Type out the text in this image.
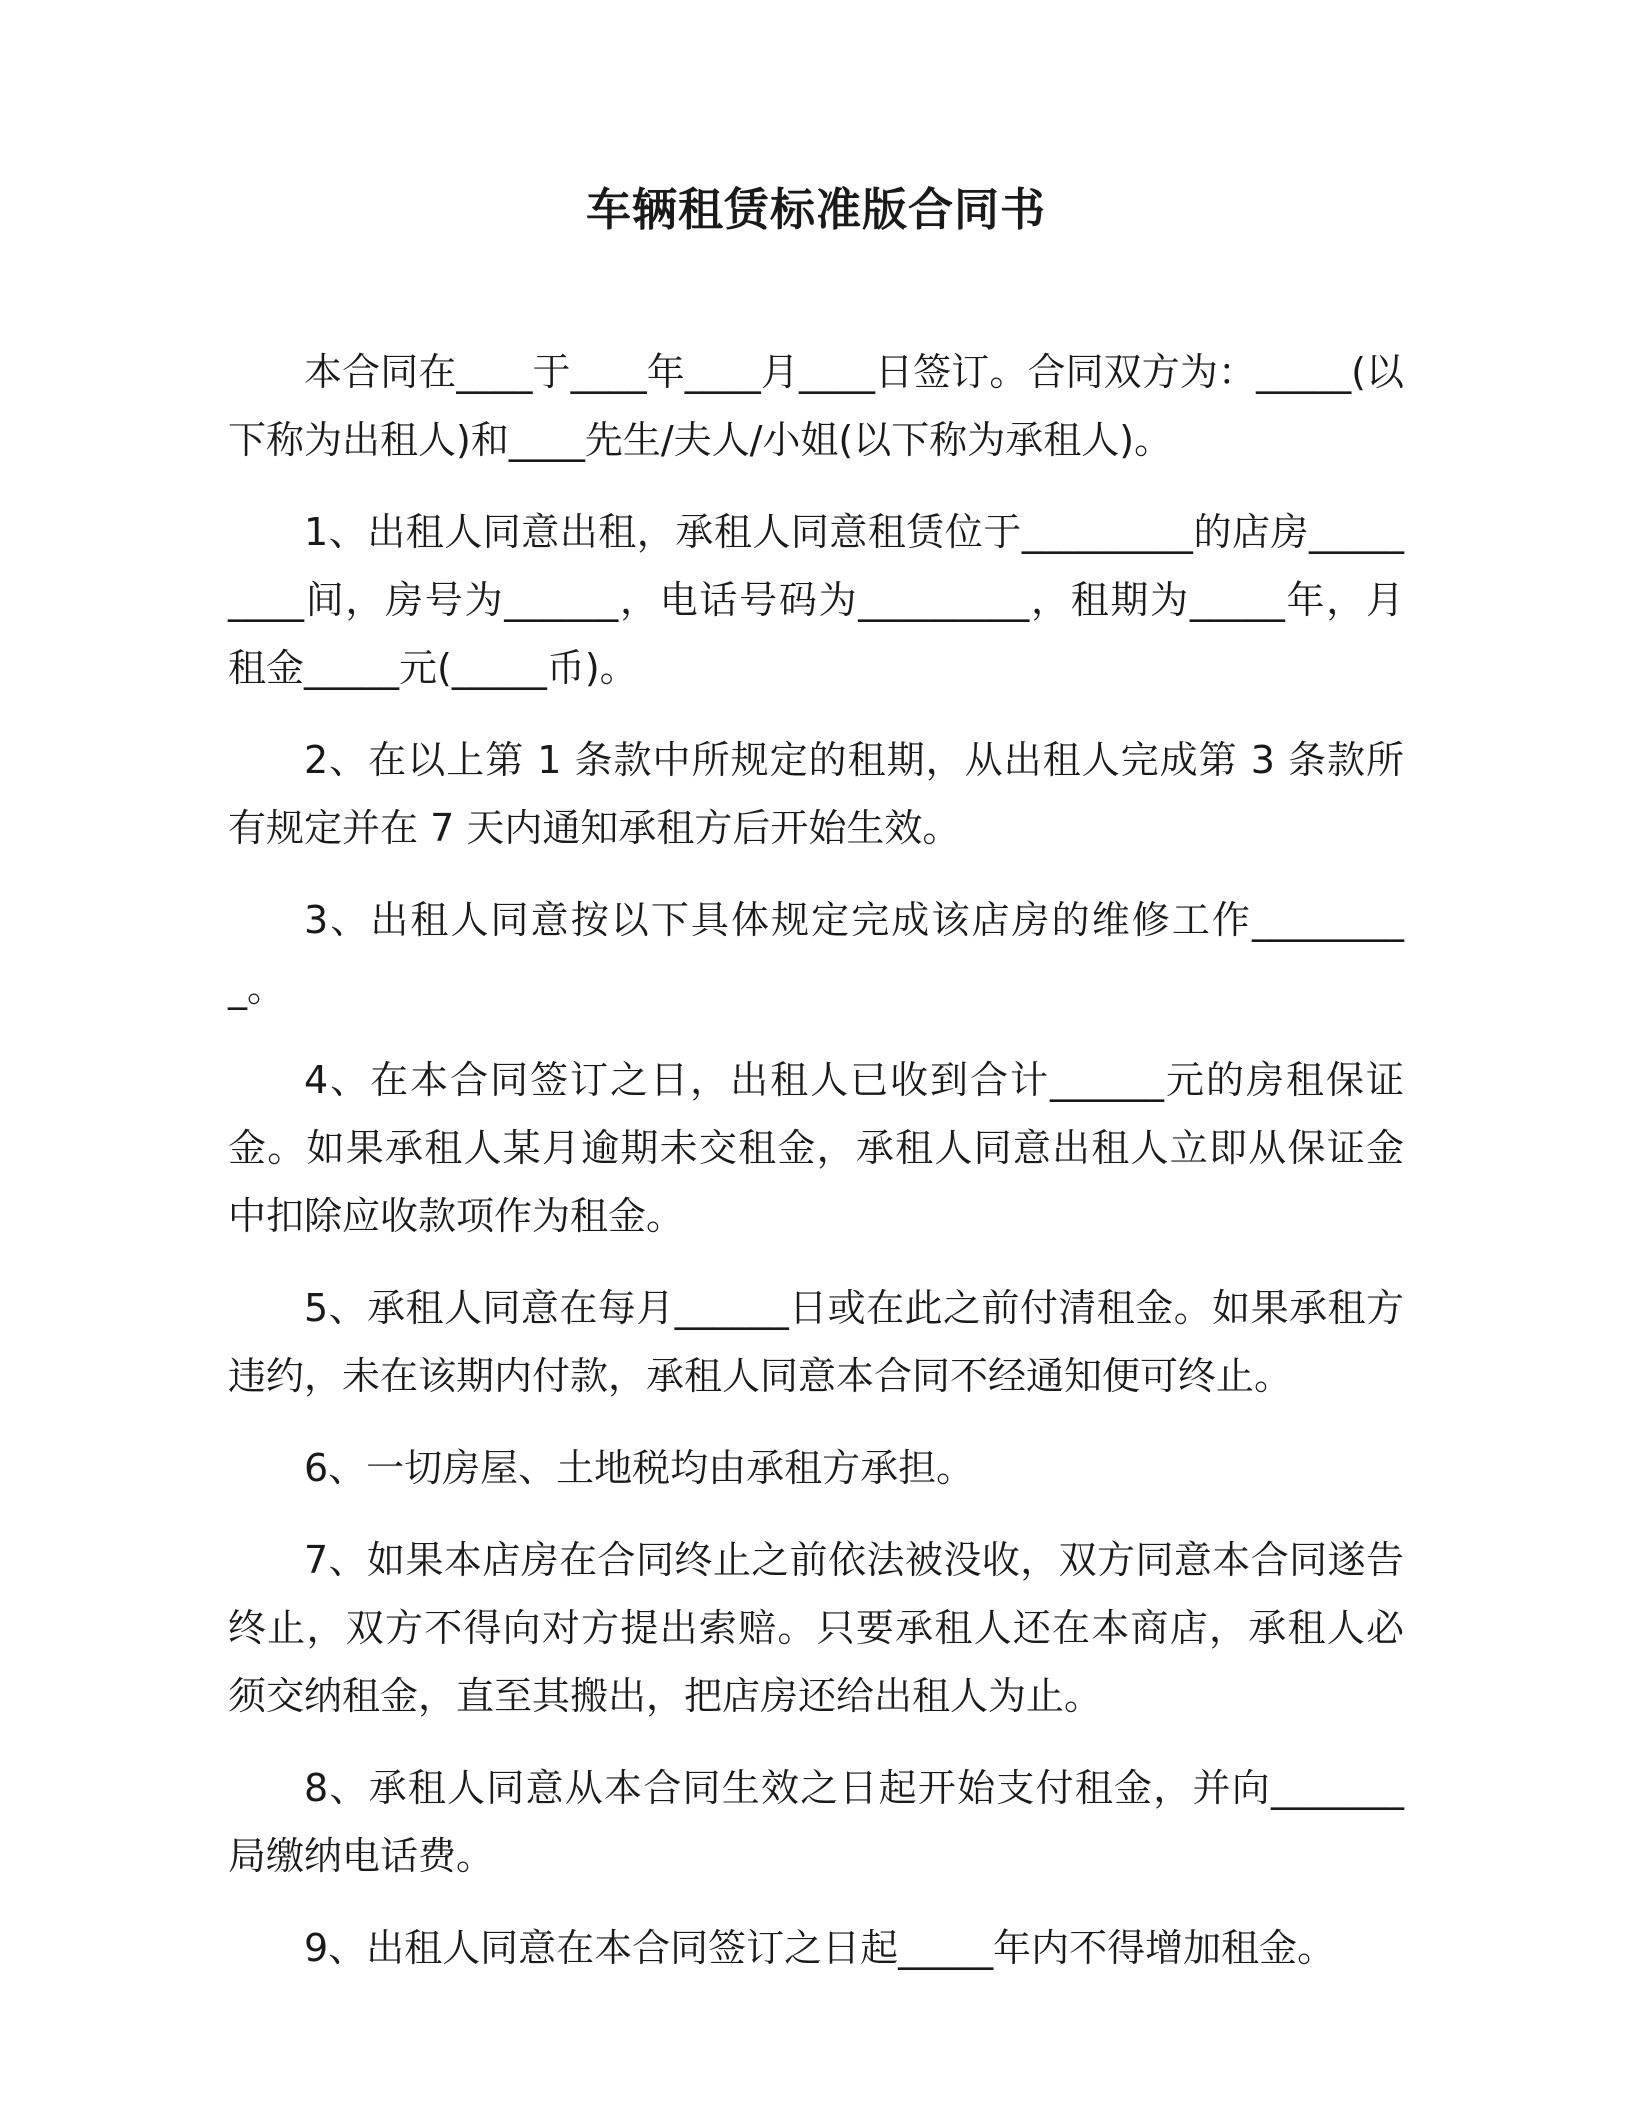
车辆租赁标准版合同书

本合同在____于____年____月____日签订。合同双方为：_____(以下称为出租人)和____先生/夫人/小姐(以下称为承租人)。

1、出租人同意出租，承租人同意租赁位于_________的店房_________间，房号为______，电话号码为_________，租期为_____年，月租金_____元(_____币)。

2、在以上第 1 条款中所规定的租期，从出租人完成第 3 条款所有规定并在 7 天内通知承租方后开始生效。

3、出租人同意按以下具体规定完成该店房的维修工作_________。

4、在本合同签订之日，出租人已收到合计______元的房租保证金。如果承租人某月逾期未交租金，承租人同意出租人立即从保证金中扣除应收款项作为租金。

5、承租人同意在每月______日或在此之前付清租金。如果承租方违约，未在该期内付款，承租人同意本合同不经通知便可终止。

6、一切房屋、土地税均由承租方承担。

7、如果本店房在合同终止之前依法被没收，双方同意本合同遂告终止，双方不得向对方提出索赔。只要承租人还在本商店，承租人必须交纳租金，直至其搬出，把店房还给出租人为止。

8、承租人同意从本合同生效之日起开始支付租金，并向_______局缴纳电话费。

9、出租人同意在本合同签订之日起_____年内不得增加租金。
